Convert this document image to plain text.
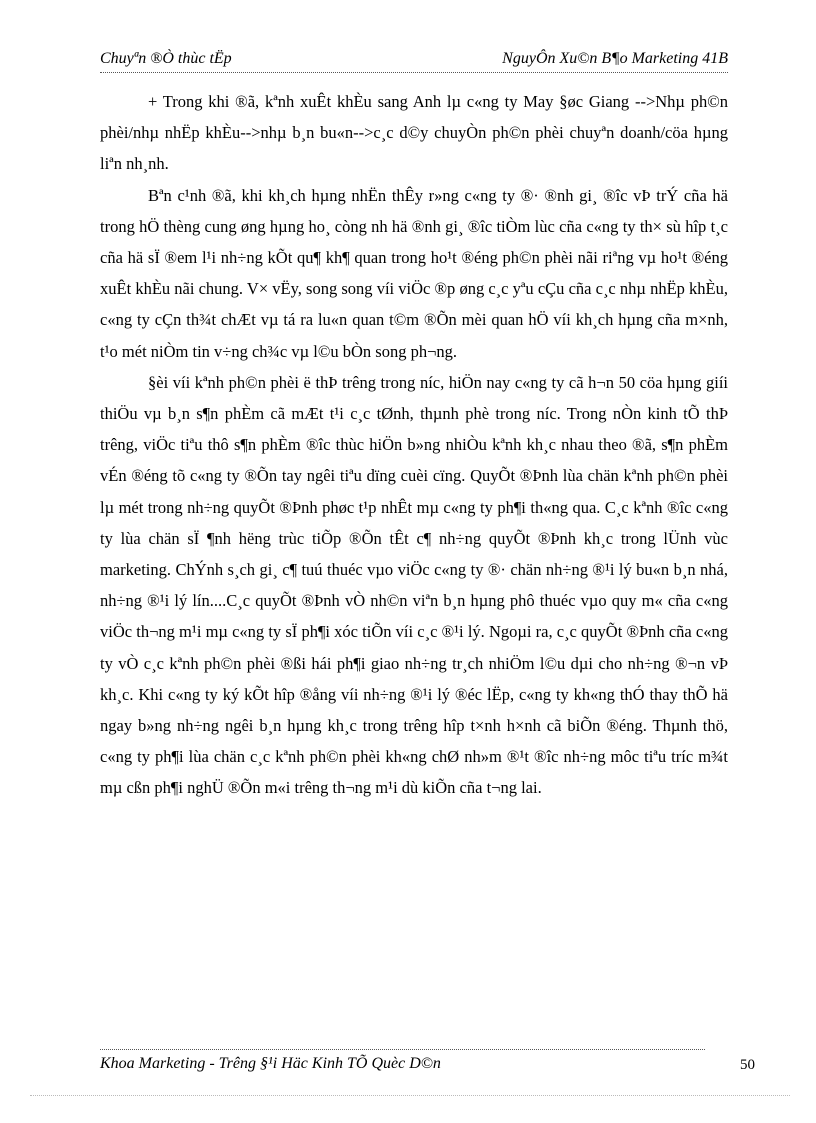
Chuyªn ®Ò thùc tËp	NguyÔn Xu©n B¶o Marketing 41B

+ Trong khi ®ã, kªnh xuÊt khÈu sang Anh lµ c«ng ty May §øc Giang -->Nhµ ph©n phèi/nhµ nhËp khÈu-->nhµ b¸n bu«n-->c¸c d©y chuyÒn ph©n phèi chuyªn doanh/cöa hµng liªn nh¸nh.

Bªn c¹nh ®ã, khi kh¸ch hµng nhËn thÊy r»ng c«ng ty ®· ®nh gi¸ ®îc vÞ trÝ cña hä trong hÖ thèng cung øng hµng ho¸ còng nh hä ®nh gi¸ ®îc tiÒm lùc cña c«ng ty th× sù hîp t¸c cña hä sÏ ®em l¹i nh÷ng kÕt qu¶ kh¶ quan trong ho¹t ®éng ph©n phèi nãi riªng vµ ho¹t ®éng xuÊt khÈu nãi chung. V× vËy, song song víi viÖc ®p øng c¸c yªu cÇu cña c¸c nhµ nhËp khÈu, c«ng ty cÇn th¾t chÆt vµ tá ra lu«n quan t©m ®Õn mèi quan hÖ víi kh¸ch hµng cña m×nh, t¹o mét niÒm tin v÷ng ch¾c vµ l©u bÒn song ph¬ng.

§èi víi kªnh ph©n phèi ë thÞ trêng trong níc, hiÖn nay c«ng ty cã h¬n 50 cöa hµng giíi thiÖu vµ b¸n s¶n phÈm cã mÆt t¹i c¸c tØnh, thµnh phè trong níc. Trong nÒn kinh tÕ thÞ trêng, viÖc tiªu thô s¶n phÈm ®îc thùc hiÖn b»ng nhiÒu kªnh kh¸c nhau theo ®ã, s¶n phÈm vÉn ®éng tõ c«ng ty ®Õn tay ngêi tiªu dïng cuèi cïng. QuyÕt ®Þnh lùa chän kªnh ph©n phèi lµ mét trong nh÷ng quyÕt ®Þnh phøc t¹p nhÊt mµ c«ng ty ph¶i th«ng qua. C¸c kªnh ®îc c«ng ty lùa chän sÏ ¶nh hëng trùc tiÕp ®Õn tÊt c¶ nh÷ng quyÕt ®Þnh kh¸c trong lÜnh vùc marketing. ChÝnh s¸ch gi¸ c¶ tuú thuéc vµo viÖc c«ng ty ®· chän nh÷ng ®¹i lý bu«n b¸n nhá, nh÷ng ®¹i lý lín....C¸c quyÕt ®Þnh vÒ nh©n viªn b¸n hµng phô thuéc vµo quy m« cña c«ng viÖc th¬ng m¹i mµ c«ng ty sÏ ph¶i xóc tiÕn víi c¸c ®¹i lý. Ngoµi ra, c¸c quyÕt ®Þnh cña c«ng ty vÒ c¸c kªnh ph©n phèi ®ßi hái ph¶i giao nh÷ng tr¸ch nhiÖm l©u dµi cho nh÷ng ®¬n vÞ kh¸c. Khi c«ng ty ký kÕt hîp ®ång víi nh÷ng ®¹i lý ®éc lËp, c«ng ty kh«ng thÓ thay thÕ hä ngay b»ng nh÷ng ngêi b¸n hµng kh¸c trong trêng hîp t×nh h×nh cã biÕn ®éng. Thµnh thö, c«ng ty ph¶i lùa chän c¸c kªnh ph©n phèi kh«ng chØ nh»m ®¹t ®îc nh÷ng môc tiªu tríc m¾t mµ cßn ph¶i nghÜ ®Õn m«i trêng th¬ng m¹i dù kiÕn cña t¬ng lai.

Khoa Marketing - Trêng §¹i Häc Kinh TÕ Quèc D©n	50
